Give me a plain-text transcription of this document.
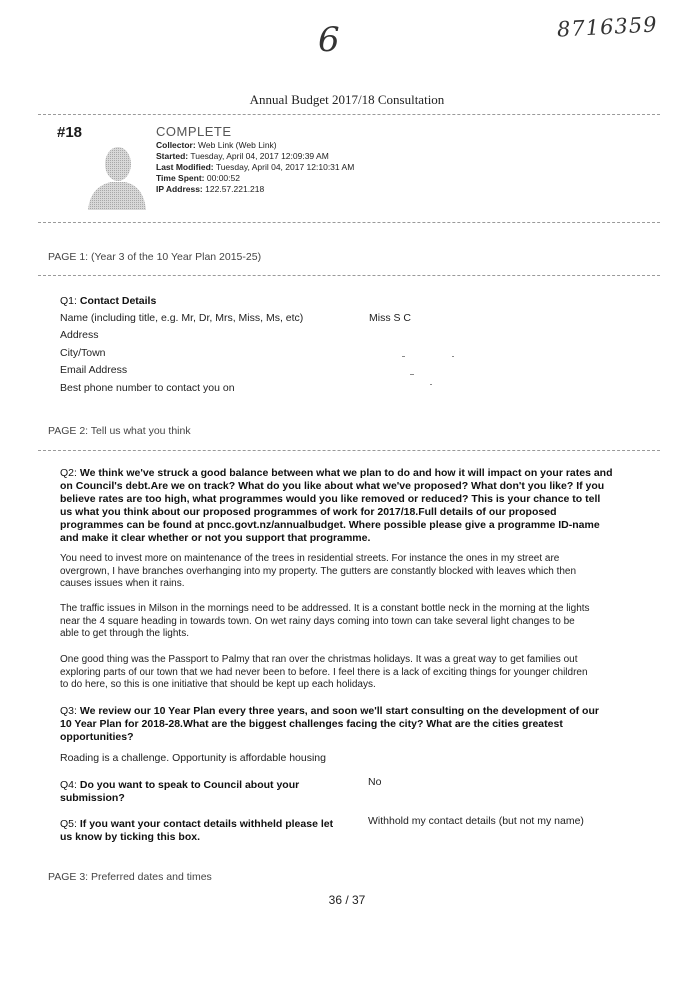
6	8716359
Annual Budget 2017/18 Consultation
#18	COMPLETE
Collector: Web Link (Web Link)
Started: Tuesday, April 04, 2017 12:09:39 AM
Last Modified: Tuesday, April 04, 2017 12:10:31 AM
Time Spent: 00:00:52
IP Address: 122.57.221.218
PAGE 1: (Year 3 of the 10 Year Plan 2015-25)
Q1: Contact Details
Name (including title, e.g. Mr, Dr, Mrs, Miss, Ms, etc)	Miss S C
Address
City/Town
Email Address
Best phone number to contact you on
PAGE 2: Tell us what you think
Q2: We think we've struck a good balance between what we plan to do and how it will impact on your rates and
on Council's debt.Are we on track? What do you like about what we've proposed? What don't you like? If you
believe rates are too high, what programmes would you like removed or reduced? This is your chance to tell
us what you think about our proposed programmes of work for 2017/18.Full details of our proposed
programmes can be found at pncc.govt.nz/annualbudget. Where possible please give a programme ID-name
and make it clear whether or not you support that programme.
You need to invest more on maintenance of the trees in residential streets. For instance the ones in my street are
overgrown, I have branches overhanging into my property. The gutters are constantly blocked with leaves which then
causes issues when it rains.
The traffic issues in Milson in the mornings need to be addressed. It is a constant bottle neck in the morning at the lights
near the 4 square heading in towards town. On wet rainy days coming into town can take several light changes to be
able to get through the lights.
One good thing was the Passport to Palmy that ran over the christmas holidays. It was a great way to get families out
exploring parts of our town that we had never been to before. I feel there is a lack of exciting things for younger children
to do here, so this is one initiative that should be kept up each holidays.
Q3: We review our 10 Year Plan every three years, and soon we'll start consulting on the development of our
10 Year Plan for 2018-28.What are the biggest challenges facing the city? What are the cities greatest
opportunities?
Roading is a challenge. Opportunity is affordable housing
Q4: Do you want to speak to Council about your
submission?
No
Q5: If you want your contact details withheld please let
us know by ticking this box.
Withhold my contact details (but not my name)
PAGE 3: Preferred dates and times
36 / 37
